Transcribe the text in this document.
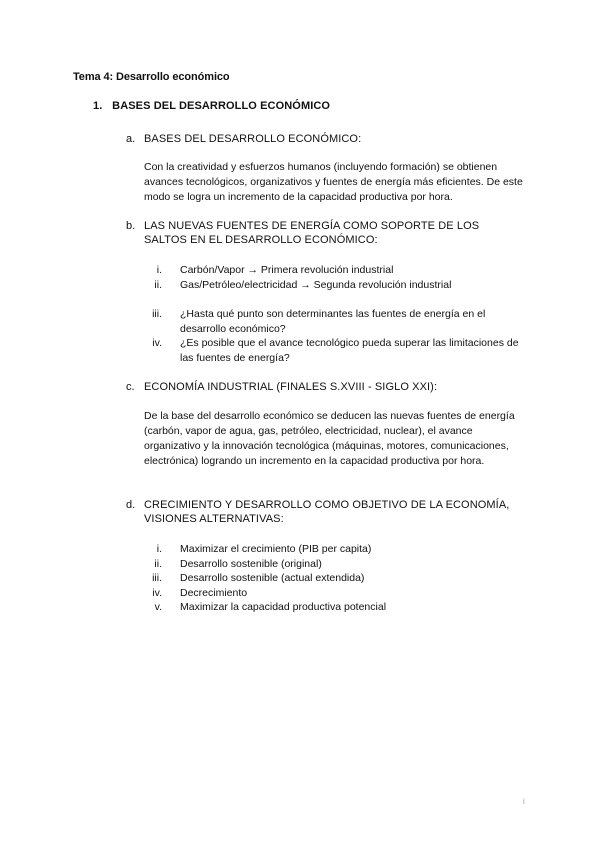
Tema 4: Desarrollo económico
1. BASES DEL DESARROLLO ECONÓMICO
a. BASES DEL DESARROLLO ECONÓMICO:
Con la creatividad y esfuerzos humanos (incluyendo formación) se obtienen avances tecnológicos, organizativos y fuentes de energía más eficientes. De este modo se logra un incremento de la capacidad productiva por hora.
b. LAS NUEVAS FUENTES DE ENERGÍA COMO SOPORTE DE LOS SALTOS EN EL DESARROLLO ECONÓMICO:
i. Carbón/Vapor → Primera revolución industrial
ii. Gas/Petróleo/electricidad → Segunda revolución industrial
iii. ¿Hasta qué punto son determinantes las fuentes de energía en el desarrollo económico?
iv. ¿Es posible que el avance tecnológico pueda superar las limitaciones de las fuentes de energía?
c. ECONOMÍA INDUSTRIAL (FINALES S.XVIII - SIGLO XXI):
De la base del desarrollo económico se deducen las nuevas fuentes de energía (carbón, vapor de agua, gas, petróleo, electricidad, nuclear), el avance organizativo y la innovación tecnológica (máquinas, motores, comunicaciones, electrónica) logrando un incremento en la capacidad productiva por hora.
d. CRECIMIENTO Y DESARROLLO COMO OBJETIVO DE LA ECONOMÍA, VISIONES ALTERNATIVAS:
i. Maximizar el crecimiento (PIB per capita)
ii. Desarrollo sostenible (original)
iii. Desarrollo sostenible (actual extendida)
iv. Decrecimiento
v. Maximizar la capacidad productiva potencial
i
